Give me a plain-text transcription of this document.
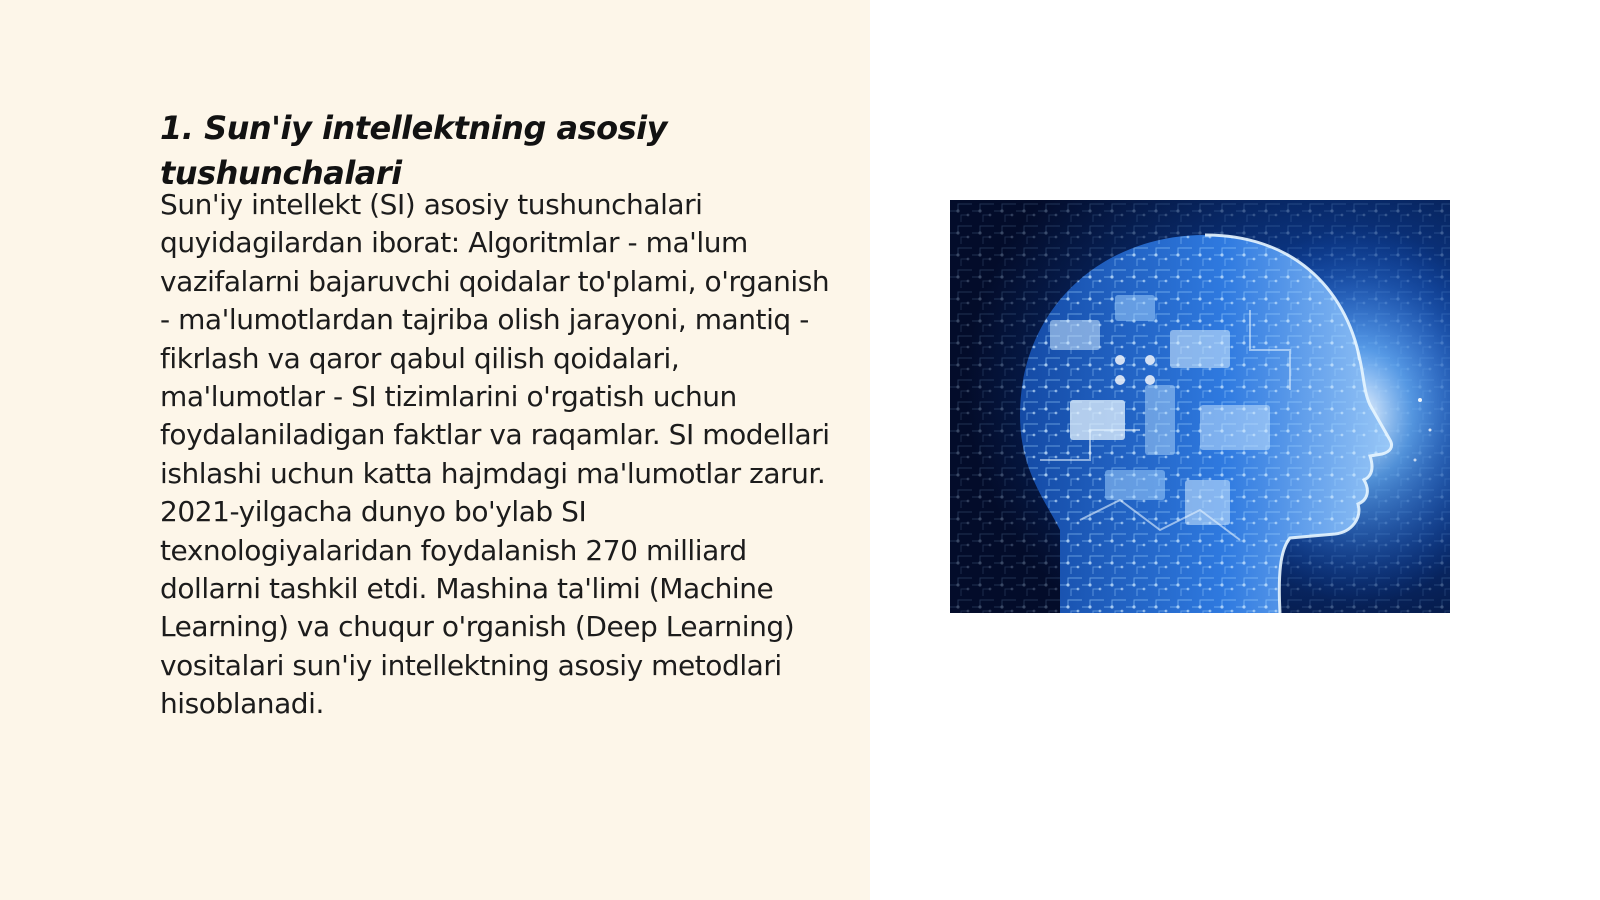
1. Sun'iy intellektning asosiy tushunchalari

Sun'iy intellekt (SI) asosiy tushunchalari quyidagilardan iborat: Algoritmlar - ma'lum vazifalarni bajaruvchi qoidalar to'plami, o'rganish - ma'lumotlardan tajriba olish jarayoni, mantiq - fikrlash va qaror qabul qilish qoidalari, ma'lumotlar - SI tizimlarini o'rgatish uchun foydalaniladigan faktlar va raqamlar. SI modellari ishlashi uchun katta hajmdagi ma'lumotlar zarur. 2021-yilgacha dunyo bo'ylab SI texnologiyalaridan foydalanish 270 milliard dollarni tashkil etdi. Mashina ta'limi (Machine Learning) va chuqur o'rganish (Deep Learning) vositalari sun'iy intellektning asosiy metodlari hisoblanadi.
